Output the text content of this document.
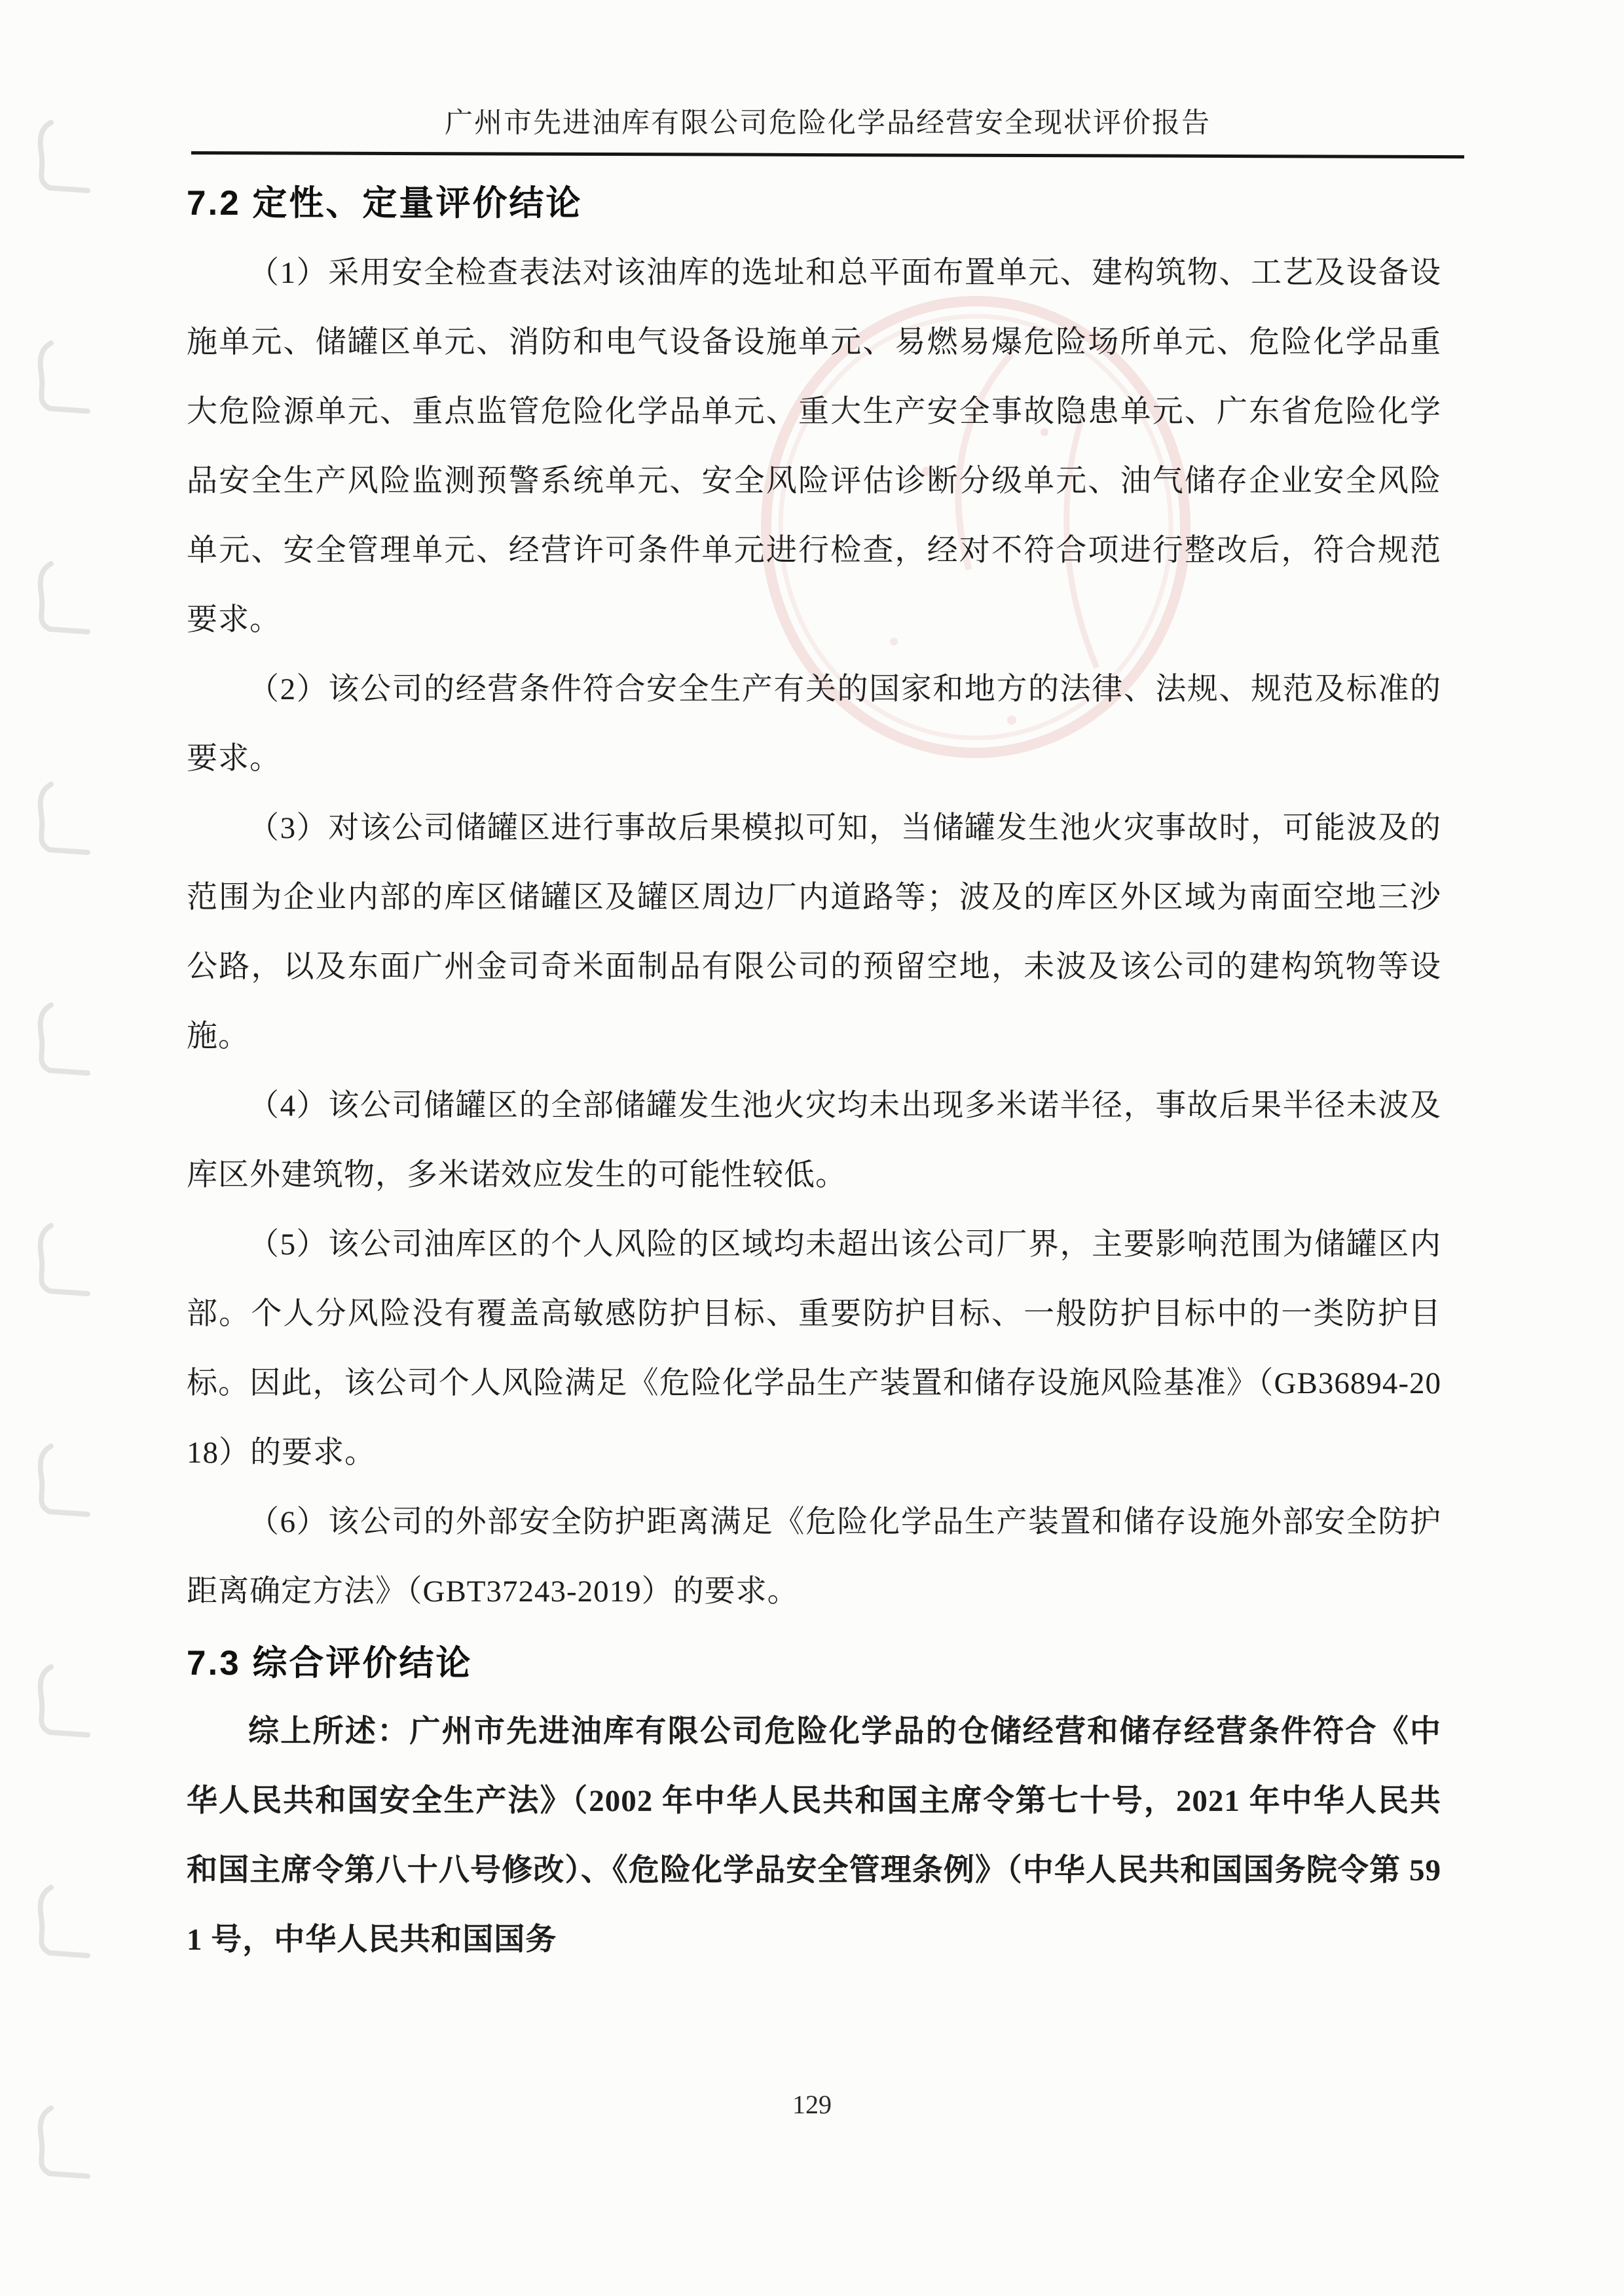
广州市先进油库有限公司危险化学品经营安全现状评价报告
7.2 定性、定量评价结论

（1）采用安全检查表法对该油库的选址和总平面布置单元、建构筑物、工艺及设备设施单元、储罐区单元、消防和电气设备设施单元、易燃易爆危险场所单元、危险化学品重大危险源单元、重点监管危险化学品单元、重大生产安全事故隐患单元、广东省危险化学品安全生产风险监测预警系统单元、安全风险评估诊断分级单元、油气储存企业安全风险单元、安全管理单元、经营许可条件单元进行检查，经对不符合项进行整改后，符合规范要求。

（2）该公司的经营条件符合安全生产有关的国家和地方的法律、法规、规范及标准的要求。

（3）对该公司储罐区进行事故后果模拟可知，当储罐发生池火灾事故时，可能波及的范围为企业内部的库区储罐区及罐区周边厂内道路等；波及的库区外区域为南面空地三沙公路，以及东面广州金司奇米面制品有限公司的预留空地，未波及该公司的建构筑物等设施。

（4）该公司储罐区的全部储罐发生池火灾均未出现多米诺半径，事故后果半径未波及库区外建筑物，多米诺效应发生的可能性较低。

（5）该公司油库区的个人风险的区域均未超出该公司厂界，主要影响范围为储罐区内部。个人分风险没有覆盖高敏感防护目标、重要防护目标、一般防护目标中的一类防护目标。因此，该公司个人风险满足《危险化学品生产装置和储存设施风险基准》（GB36894-2018）的要求。

（6）该公司的外部安全防护距离满足《危险化学品生产装置和储存设施外部安全防护距离确定方法》（GBT37243-2019）的要求。

7.3 综合评价结论

综上所述：广州市先进油库有限公司危险化学品的仓储经营和储存经营条件符合《中华人民共和国安全生产法》（2002 年中华人民共和国主席令第七十号，2021 年中华人民共和国主席令第八十八号修改）、《危险化学品安全管理条例》（中华人民共和国国务院令第 591 号，中华人民共和国国务

129
